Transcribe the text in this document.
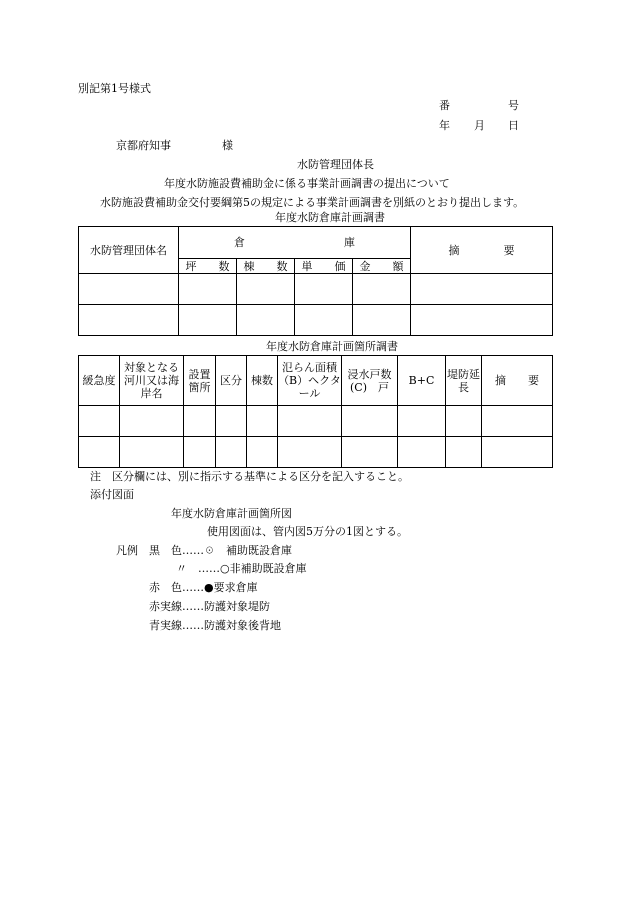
別記第1号様式
番	号
年 月 日
京都府知事	様
水防管理団体長
年度水防施設費補助金に係る事業計画調書の提出について
水防施設費補助金交付要綱第5の規定による事業計画調書を別紙のとおり提出します。
年度水防倉庫計画調書
水防管理団体名	倉　　　　　　　　　庫				摘　　　　要
	坪　　数	棟　　数	単　　価	金　　額	

年度水防倉庫計画箇所調書
緩急度	対象となる河川又は海岸名	設置箇所	区分	棟数	氾らん面積（B）ヘクタール	浸水戸数(C)　戸	B+C	堤防延長	摘　　要

注　区分欄には、別に指示する基準による区分を記入すること。
添付図面
年度水防倉庫計画箇所図
使用図面は、管内図5万分の1図とする。
凡例 黒　色……☉　補助既設倉庫
〃　……○非補助既設倉庫
赤　色……●要求倉庫
赤実線……防護対象堤防
青実線……防護対象後背地
